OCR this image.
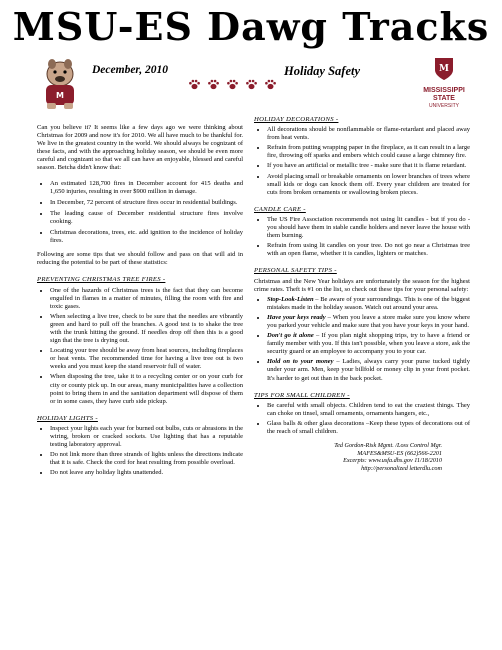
MSU-ES Dawg Tracks
M
December, 2010	Holiday Safety	M
MISSISSIPPI STATE
UNIVERSITY

Can you believe it? It seems like a few days ago we were thinking about Christmas for 2009 and now it's for 2010. We all have much to be thankful for. We live in the greatest country in the world. We should always be cognizant of these facts, and with the approaching holiday season, we should be even more careful and cognizant so that we all can have an enjoyable, blessed and careful season. Betcha didn't know that:

• An estimated 128,700 fires in December account for 415 deaths and 1,650 injuries, resulting in over $900 million in damage.
• In December, 72 percent of structure fires occur in residential buildings.
• The leading cause of December residential structure fires involve cooking.
• Christmas decorations, trees, etc. add ignition to the incidence of holiday fires.

Following are some tips that we should follow and pass on that will aid in reducing the potential to be part of these statistics:

PREVENTING CHRISTMAS TREE FIRES -
• One of the hazards of Christmas trees is the fact that they can become engulfed in flames in a matter of minutes, filling the room with fire and toxic gases.
• When selecting a live tree, check to be sure that the needles are vibrantly green and hard to pull off the branches. A good test is to shake the tree with the trunk hitting the ground. If needles drop off then this is a good sign that the tree is drying out.
• Locating your tree should be away from heat sources, including fireplaces or heat vents. The recommended time for having a live tree out is two weeks and you must keep the stand reservoir full of water.
• When disposing the tree, take it to a recycling center or on your curb for city or county pick up. In our areas, many municipalities have a collection point to bring them in and the sanitation department will dispose of them or in some cases, they have curb side pickup.
HOLIDAY LIGHTS -
• Inspect your lights each year for burned out bulbs, cuts or abrasions in the wiring, broken or cracked sockets. Use lighting that has a reputable testing laboratory approval.
• Do not link more than three strands of lights unless the directions indicate that it is safe. Check the cord for heat resulting from possible overload.
• Do not leave any holiday lights unattended.
HOLIDAY DECORATIONS -
• All decorations should be nonflammable or flame-retardant and placed away from heat vents.
• Refrain from putting wrapping paper in the fireplace, as it can result in a large fire, throwing off sparks and embers which could cause a large chimney fire.
• If you have an artificial or metallic tree - make sure that it is flame retardant.
• Avoid placing small or breakable ornaments on lower branches of trees where small kids or dogs can knock them off. Every year children are treated for cuts from broken ornaments or swallowing broken pieces.
CANDLE CARE -
• The US Fire Association recommends not using lit candles - but if you do - you should have them in stable candle holders and never leave the house with them burning.
• Refrain from using lit candles on your tree. Do not go near a Christmas tree with an open flame, whether it is candles, lighters or matches.
PERSONAL SAFETY TIPS -

Christmas and the New Year holidays are unfortunately the season for the highest crime rates. Theft is #1 on the list, so check out these tips for your personal safety:

• Stop-Look-Listen – Be aware of your surroundings. This is one of the biggest mistakes made in the holiday season. Watch out around your area.
• Have your keys ready – When you leave a store make sure you know where you parked your vehicle and make sure that you have your keys in your hand.
• Don't go it alone – If you plan night shopping trips, try to have a friend or family member with you. If this isn't possible, when you leave a store, ask the security guard or an employee to accompany you to your car.
• Hold on to your money – Ladies, always carry your purse tucked tightly under your arm. Men, keep your billfold or money clip in your front pocket. It's harder to get out than in the back pocket.
TIPS FOR SMALL CHILDREN -
• Be careful with small objects. Children tend to eat the craziest things. They can choke on tinsel, small ornaments, ornaments hangers, etc.,
• Glass balls & other glass decorations –Keep these types of decorations out of the reach of small children.
Ted Gordon-Risk Mgmt. /Loss Control Mgr.
MAFES&MSU-ES (662)566-2201
Excerpts: www.usfa.dhs.gov 11/18/2010
http://personalized letterdlu.com
